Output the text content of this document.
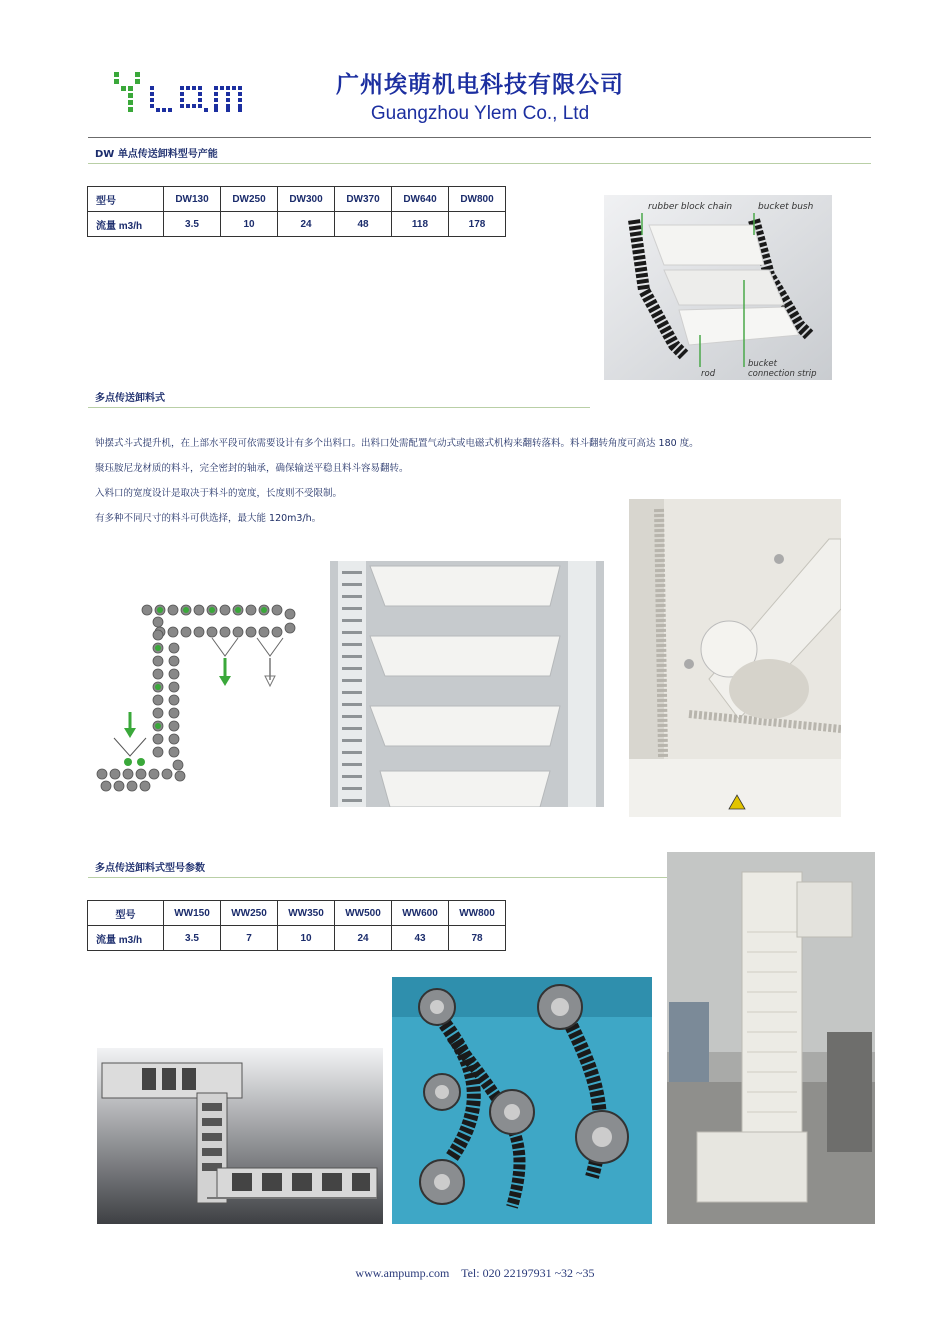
广州埃萌机电科技有限公司
Guangzhou Ylem Co., Ltd
DW 单点传送卸料型号产能
型号	DW130	DW250	DW300	DW370	DW640	DW800
流量 m3/h	3.5	10	24	48	118	178
rubber block chain	bucket bush
rod
bucket
connection strip
多点传送卸料式
钟摆式斗式提升机，在上部水平段可依需要设计有多个出料口。出料口处需配置气动式或电磁式机构来翻转落料。料斗翻转角度可高达 180 度。
聚珏胺尼龙材质的料斗，完全密封的轴承，确保输送平稳且料斗容易翻转。
入料口的宽度设计是取决于料斗的宽度，长度则不受限制。
有多种不同尺寸的料斗可供选择，最大能 120m3/h。
多点传送卸料式型号参数
型号	WW150	WW250	WW350	WW500	WW600	WW800
流量 m3/h	3.5	7	10	24	43	78
www.ampump.com    Tel: 020 22197931 ~32 ~35
